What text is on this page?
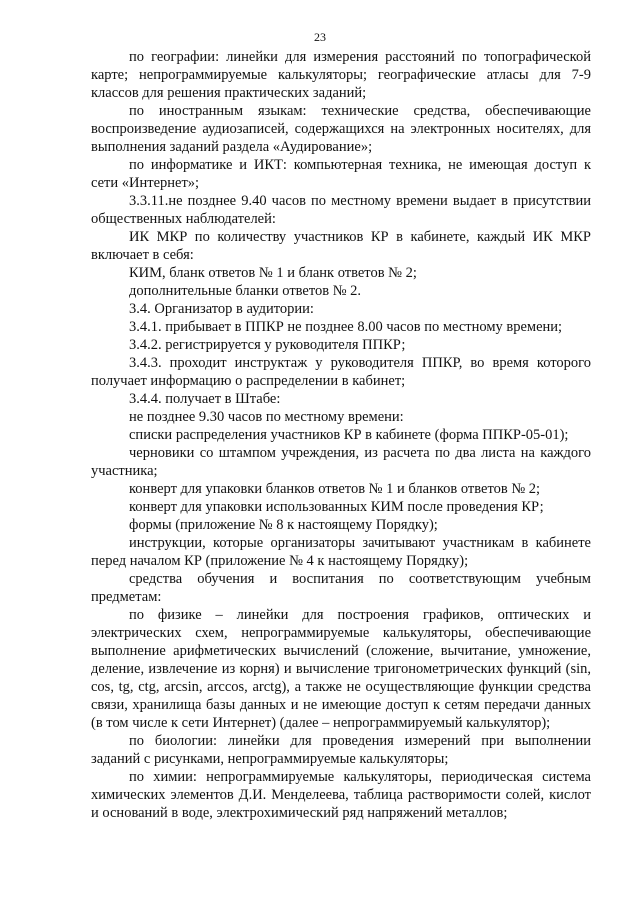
23

по географии: линейки для измерения расстояний по топографической карте; непрограммируемые калькуляторы; географические атласы для 7-9 классов для решения практических заданий;

по иностранным языкам: технические средства, обеспечивающие воспроизведение аудиозаписей, содержащихся на электронных носителях, для выполнения заданий раздела «Аудирование»;

по информатике и ИКТ: компьютерная техника, не имеющая доступ к сети «Интернет»;

3.3.11.не позднее 9.40 часов по местному времени выдает в присутствии общественных наблюдателей:

ИК МКР по количеству участников КР в кабинете, каждый ИК МКР включает в себя:

КИМ, бланк ответов № 1 и бланк ответов № 2;

дополнительные бланки ответов № 2.

3.4. Организатор в аудитории:

3.4.1. прибывает в ППКР не позднее 8.00 часов по местному времени;

3.4.2. регистрируется у руководителя ППКР;

3.4.3. проходит инструктаж у руководителя ППКР, во время которого получает информацию о распределении в кабинет;

3.4.4. получает в Штабе:

не позднее 9.30 часов по местному времени:

списки распределения участников КР в кабинете (форма ППКР-05-01);

черновики со штампом учреждения, из расчета по два листа на каждого участника;

конверт для упаковки бланков ответов № 1 и бланков ответов № 2;

конверт для упаковки использованных КИМ после проведения КР;

формы (приложение № 8 к настоящему Порядку);

инструкции, которые организаторы зачитывают участникам в кабинете перед началом КР (приложение № 4 к настоящему Порядку);

средства обучения и воспитания по соответствующим учебным предметам:

по физике – линейки для построения графиков, оптических и электрических схем, непрограммируемые калькуляторы, обеспечивающие выполнение арифметических вычислений (сложение, вычитание, умножение, деление, извлечение из корня) и вычисление тригонометрических функций (sin, cos, tg, ctg, arcsin, arccos, arctg), а также не осуществляющие функции средства связи, хранилища базы данных и не имеющие доступ к сетям передачи данных (в том числе к сети Интернет) (далее – непрограммируемый калькулятор);

по биологии: линейки для проведения измерений при выполнении заданий с рисунками, непрограммируемые калькуляторы;

по химии: непрограммируемые калькуляторы, периодическая система химических элементов Д.И. Менделеева, таблица растворимости солей, кислот и оснований в воде, электрохимический ряд напряжений металлов;
